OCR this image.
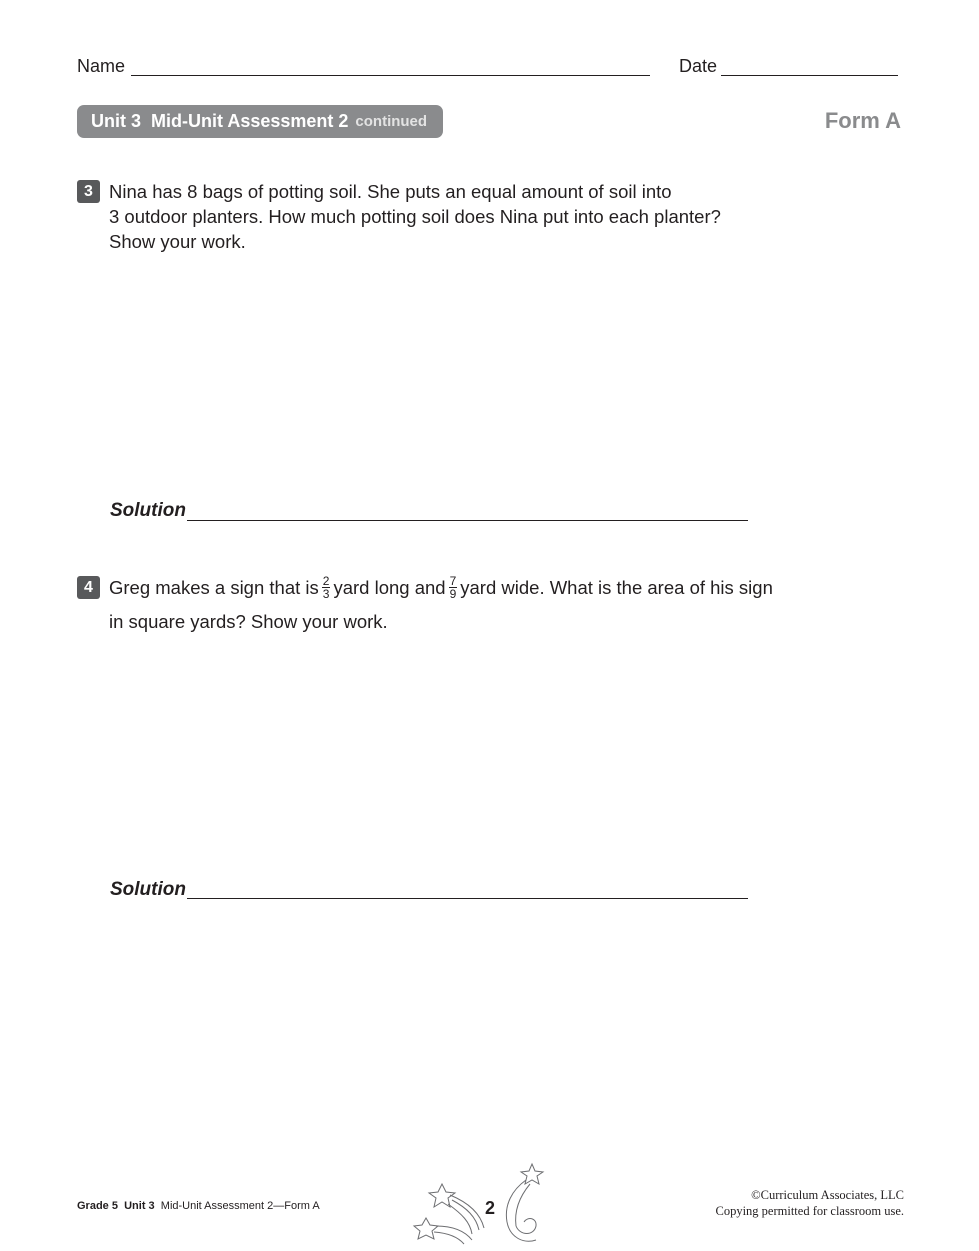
Name	Date
Unit 3 Mid-Unit Assessment 2 continued	Form A
3 Nina has 8 bags of potting soil. She puts an equal amount of soil into

3 outdoor planters. How much potting soil does Nina put into each planter?

Show your work.

Solution
4 Greg makes a sign that is $\frac{2}{3}$ yard long and $\frac{7}{9}$ yard wide. What is the area of his sign

in square yards? Show your work.

Solution
Grade 5 Unit 3 Mid-Unit Assessment 2—Form A	2
©Curriculum Associates, LLC
Copying permitted for classroom use.
